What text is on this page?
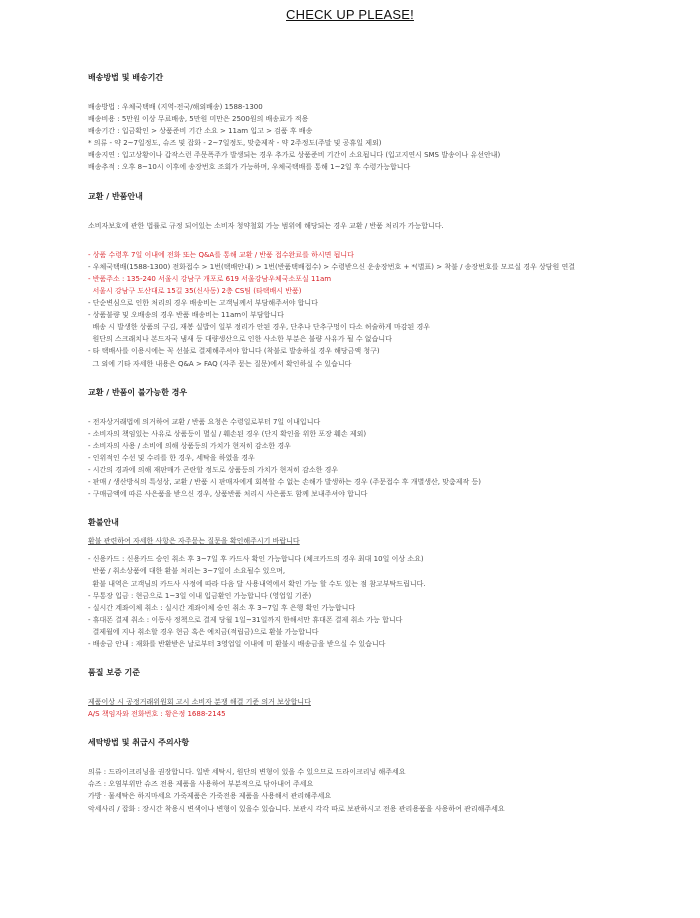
CHECK UP PLEASE!
배송방법 및 배송기간
배송방법 : 우체국택배 (지역-전국/해외배송) 1588-1300
배송비용 : 5만원 이상 무료배송, 5만원 미만은 2500원의 배송료가 적용
배송기간 : 입금확인 > 상품준비 기간 소요 > 11am 입고 > 검품 후 배송
* 의류 - 약 2~7일정도, 슈즈 및 잡화 - 2~7일정도, 맞춤제작 - 약 2주정도(주말 및 공휴일 제외)
배송지연 : 입고상황이나 갑작스런 주문폭주가 발생되는 경우 추가로 상품준비 기간이 소요됩니다 (입고지연시 SMS 발송이나 유선안내)
배송추적 : 오후 8~10시 이후에 송장번호 조회가 가능하며, 우체국택배를 통해 1~2일 후 수령가능합니다
교환 / 반품안내
소비자보호에 관한 법률로 규정 되어있는 소비자 청약철회 가능 범위에 해당되는 경우 교환 / 반품 처리가 가능합니다.
- 상품 수령후 7일 이내에 전화 또는 Q&A를 통해 교환 / 반품 접수완료를 하시면 됩니다
- 우체국택배(1588-1300) 전화접수 > 1번(택배안내) > 1번(반품택배접수) > 수령받으신 운송장번호 + *(별표) > 착불 / 송장번호를 모르실 경우 상담원 연결
- 반품주소 : 135-240 서울시 강남구 개포로 619 서울강남우체국소포실 11am
서울시 강남구 도산대로 15길 35(신사동) 2층 CS팀 (타택배시 반품)
- 단순변심으로 인한 처리의 경우 배송비는 고객님께서 부담해주셔야 합니다
- 상품불량 및 오배송의 경우 반품 배송비는 11am이 부담합니다
배송 시 발생한 상품의 구김, 재봉 실밥이 일부 정리가 안된 경우, 단추나 단추구멍이 다소 허술하게 마감된 경우
원단의 스크래치나 본드자국 냄새 등 대량생산으로 인한 사소한 부분은 불량 사유가 될 수 없습니다
- 타 택배사를 이용시에는 꼭 선불로 결제해주셔야 합니다 (착불로 발송하실 경우 해당금액 청구)
그 외에 기타 자세한 내용은 Q&A > FAQ (자주 묻는 질문)에서 확인하실 수 있습니다
교환 / 반품이 불가능한 경우
- 전자상거래법에 의거하여 교환 / 반품 요청은 수령일로부터 7일 이내입니다
- 소비자의 책임있는 사유로 상품등이 멸실 / 훼손된 경우 (단지 확인을 위한 포장 훼손 제외)
- 소비자의 사용 / 소비에 의해 상품등의 가치가 현저히 감소한 경우
- 인위적인 수선 및 수리를 한 경우, 세탁을 하였을 경우
- 시간의 경과에 의해 재판매가 곤란할 정도로 상품등의 가치가 현저히 감소한 경우
- 판매 / 생산방식의 특성상, 교환 / 반품 시 판매자에게 회복할 수 없는 손해가 발생하는 경우 (주문접수 후 개별생산, 맞춤제작 등)
- 구매금액에 따른 사은품을 받으신 경우, 상품반품 처리시 사은품도 함께 보내주셔야 합니다
환불안내
환불 관련하여 자세한 사항은 자주묻는 질문을 확인해주시기 바랍니다
- 신용카드 : 신용카드 승인 취소 후 3~7일 후 카드사 확인 가능합니다 (체크카드의 경우 최대 10일 이상 소요)
반품 / 취소상품에 대한 환불 처리는 3~7일이 소요될수 있으며,
환불 내역은 고객님의 카드사 사정에 따라 다음 달 사용내역에서 확인 가능 할 수도 있는 점 참고부탁드립니다.
- 무통장 입금 : 현금으로 1~3일 이내 입금환인 가능합니다 (영업일 기준)
- 실시간 계좌이체 취소 : 실시간 계좌이체 승인 취소 후 3~7일 후 은행 확인 가능합니다
- 휴대폰 결제 취소 : 이동사 정책으로 결제 당월 1일~31일까지 한해서만 휴대폰 결제 취소 가능 합니다
결제월에 지나 취소할 경우 현금 혹은 예치금(적립금)으로 환불 가능합니다
- 배송금 안내 : 재화를 반환받은 날로부터 3영업일 이내에 미 환불시 배송금을 받으실 수 있습니다
품질 보증 기준
제품이상 시 공정거래위원회 고시 소비자 분쟁 해결 기준 의거 보상합니다
A/S 책임자와 전화번호 : 황은정 1688-2145
세탁방법 및 취급시 주의사항
의류 : 드라이크리닝을 권장합니다. 일반 세탁시, 원단의 변형이 있을 수 있으므로 드라이크리닝 해주세요
슈즈 : 오염부위만 슈즈 전용 제품을 사용하여 부분적으로 닦아내어 주세요
가방 · 물세탁은 하지마세요 가죽제품은 가죽전용 제품을 사용해서 관리해주세요
악세사리 / 잡화 : 장시간 착용시 변색이나 변형이 있을수 있습니다. 보관시 각각 따로 보관하시고 전용 관리용품을 사용하여 관리해주세요
